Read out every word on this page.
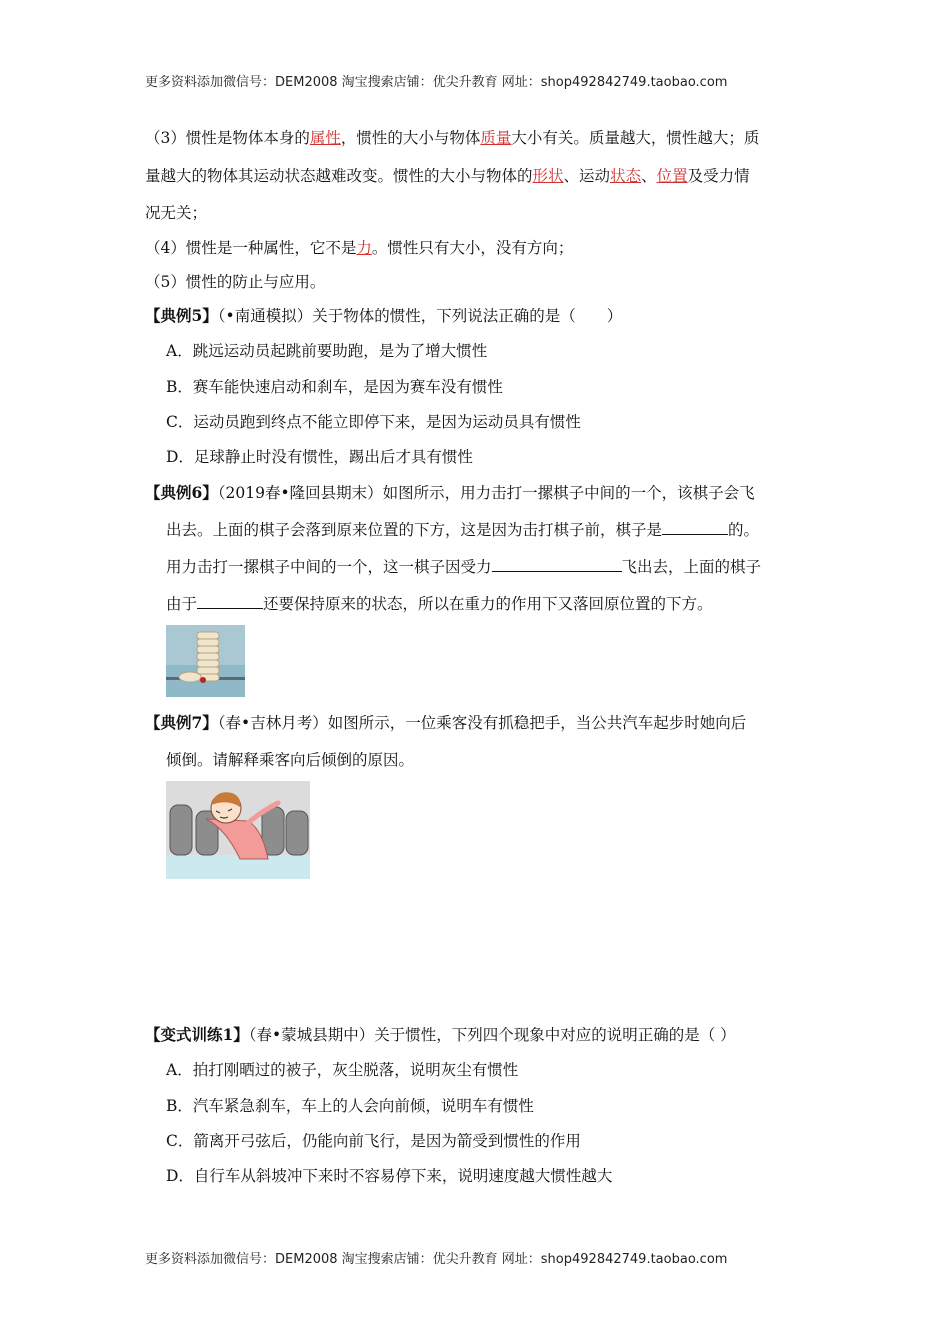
更多资料添加微信号：DEM2008 淘宝搜索店铺：优尖升教育 网址：shop492842749.taobao.com
（3）惯性是物体本身的属性，惯性的大小与物体质量大小有关。质量越大，惯性越大；质
量越大的物体其运动状态越难改变。惯性的大小与物体的形状、运动状态、位置及受力情
况无关；
（4）惯性是一种属性，它不是力。惯性只有大小，没有方向；
（5）惯性的防止与应用。
【典例5】（•南通模拟）关于物体的惯性，下列说法正确的是（　　）
A．跳远运动员起跳前要助跑，是为了增大惯性
B．赛车能快速启动和刹车，是因为赛车没有惯性
C．运动员跑到终点不能立即停下来，是因为运动员具有惯性
D．足球静止时没有惯性，踢出后才具有惯性
【典例6】（2019春•隆回县期末）如图所示，用力击打一摞棋子中间的一个，该棋子会飞
出去。上面的棋子会落到原来位置的下方，这是因为击打棋子前，棋子是	的。
用力击打一摞棋子中间的一个，这一棋子因受力	飞出去，上面的棋子
由于	还要保持原来的状态，所以在重力的作用下又落回原位置的下方。
【典例7】（春•吉林月考）如图所示，一位乘客没有抓稳把手，当公共汽车起步时她向后
倾倒。请解释乘客向后倾倒的原因。
【变式训练1】（春•蒙城县期中）关于惯性，下列四个现象中对应的说明正确的是（ ）
A．拍打刚晒过的被子，灰尘脱落，说明灰尘有惯性
B．汽车紧急刹车，车上的人会向前倾，说明车有惯性
C．箭离开弓弦后，仍能向前飞行，是因为箭受到惯性的作用
D．自行车从斜坡冲下来时不容易停下来，说明速度越大惯性越大
更多资料添加微信号：DEM2008 淘宝搜索店铺：优尖升教育 网址：shop492842749.taobao.com
